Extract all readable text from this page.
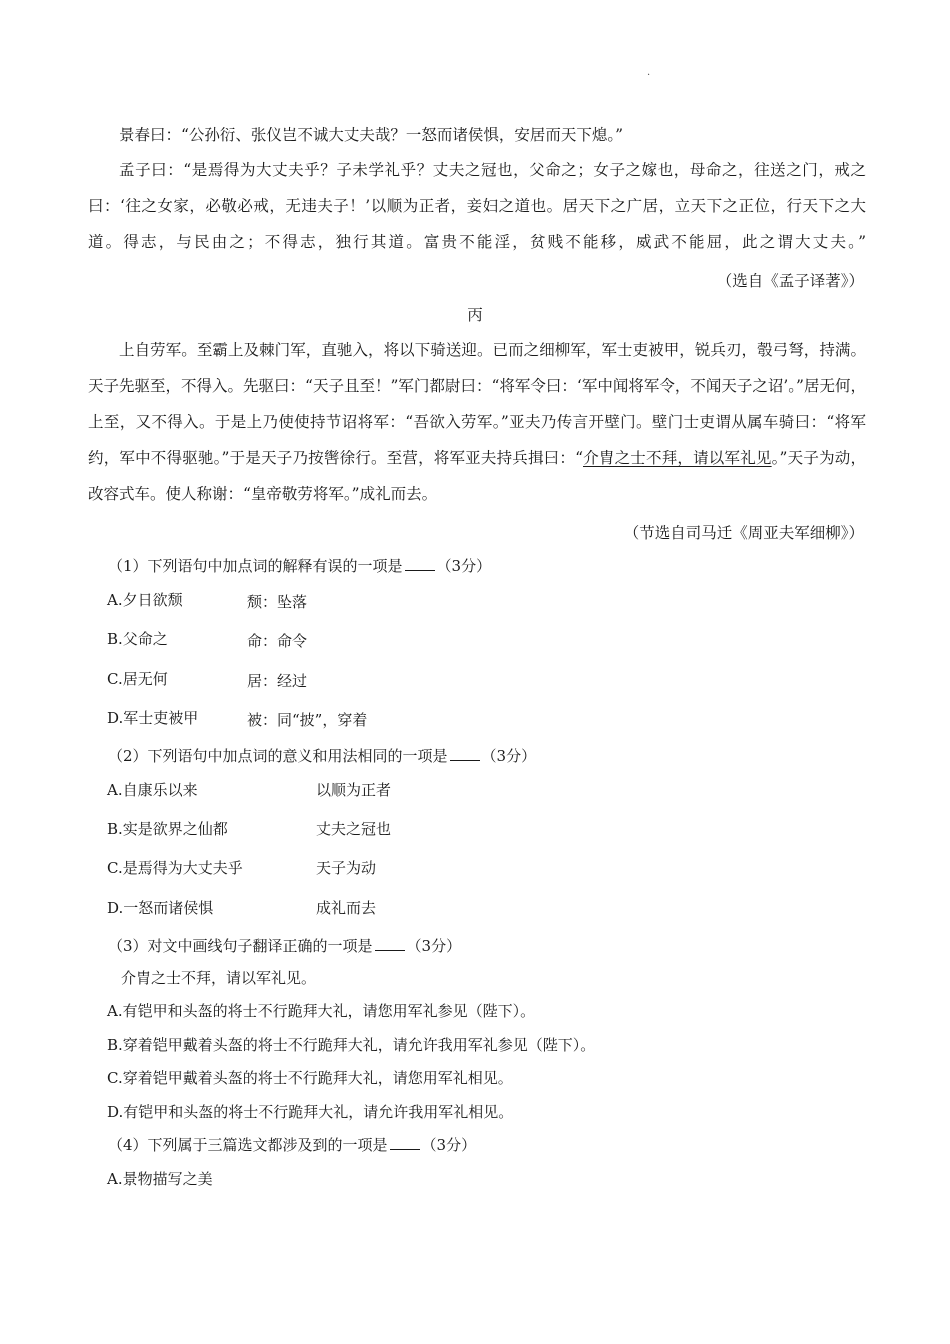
·
景春曰：“公孙衍、张仪岂不诚大丈夫哉？一怒而诸侯惧，安居而天下熄。”
孟子曰：“是焉得为大丈夫乎？子未学礼乎？丈夫之冠也，父命之；女子之嫁也，母命之，往送之门，戒之曰：‘往之女家，必敬必戒，无违夫子！’以顺为正者，妾妇之道也。居天下之广居，立天下之正位，行天下之大道。得志，与民由之；不得志，独行其道。富贵不能淫，贫贱不能移，威武不能屈，此之谓大丈夫。”
（选自《孟子译著》）
丙
上自劳军。至霸上及棘门军，直驰入，将以下骑送迎。已而之细柳军，军士吏被甲，锐兵刃，彀弓弩，持满。天子先驱至，不得入。先驱曰：“天子且至！”军门都尉曰：“将军令曰：‘军中闻将军令，不闻天子之诏’。”居无何，上至，又不得入。于是上乃使使持节诏将军：“吾欲入劳军。”亚夫乃传言开壁门。壁门士吏谓从属车骑曰：“将军约，军中不得驱驰。”于是天子乃按辔徐行。至营，将军亚夫持兵揖曰：“介胄之士不拜，请以军礼见。”天子为动，改容式车。使人称谢：“皇帝敬劳将军。”成礼而去。
（节选自司马迁《周亚夫军细柳》）
（1）下列语句中加点词的解释有误的一项是 （3分）
A.夕日欲颓	颓：坠落
B.父命之	命：命令
C.居无何	居：经过
D.军士吏被甲	被：同“披”，穿着
（2）下列语句中加点词的意义和用法相同的一项是 （3分）
A.自康乐以来	以顺为正者
B.实是欲界之仙都	丈夫之冠也
C.是焉得为大丈夫乎	天子为动
D.一怒而诸侯惧	成礼而去
（3）对文中画线句子翻译正确的一项是 （3分）
介胄之士不拜，请以军礼见。
A.有铠甲和头盔的将士不行跪拜大礼，请您用军礼参见（陛下）。
B.穿着铠甲戴着头盔的将士不行跪拜大礼，请允许我用军礼参见（陛下）。
C.穿着铠甲戴着头盔的将士不行跪拜大礼，请您用军礼相见。
D.有铠甲和头盔的将士不行跪拜大礼，请允许我用军礼相见。
（4）下列属于三篇选文都涉及到的一项是 （3分）
A.景物描写之美
